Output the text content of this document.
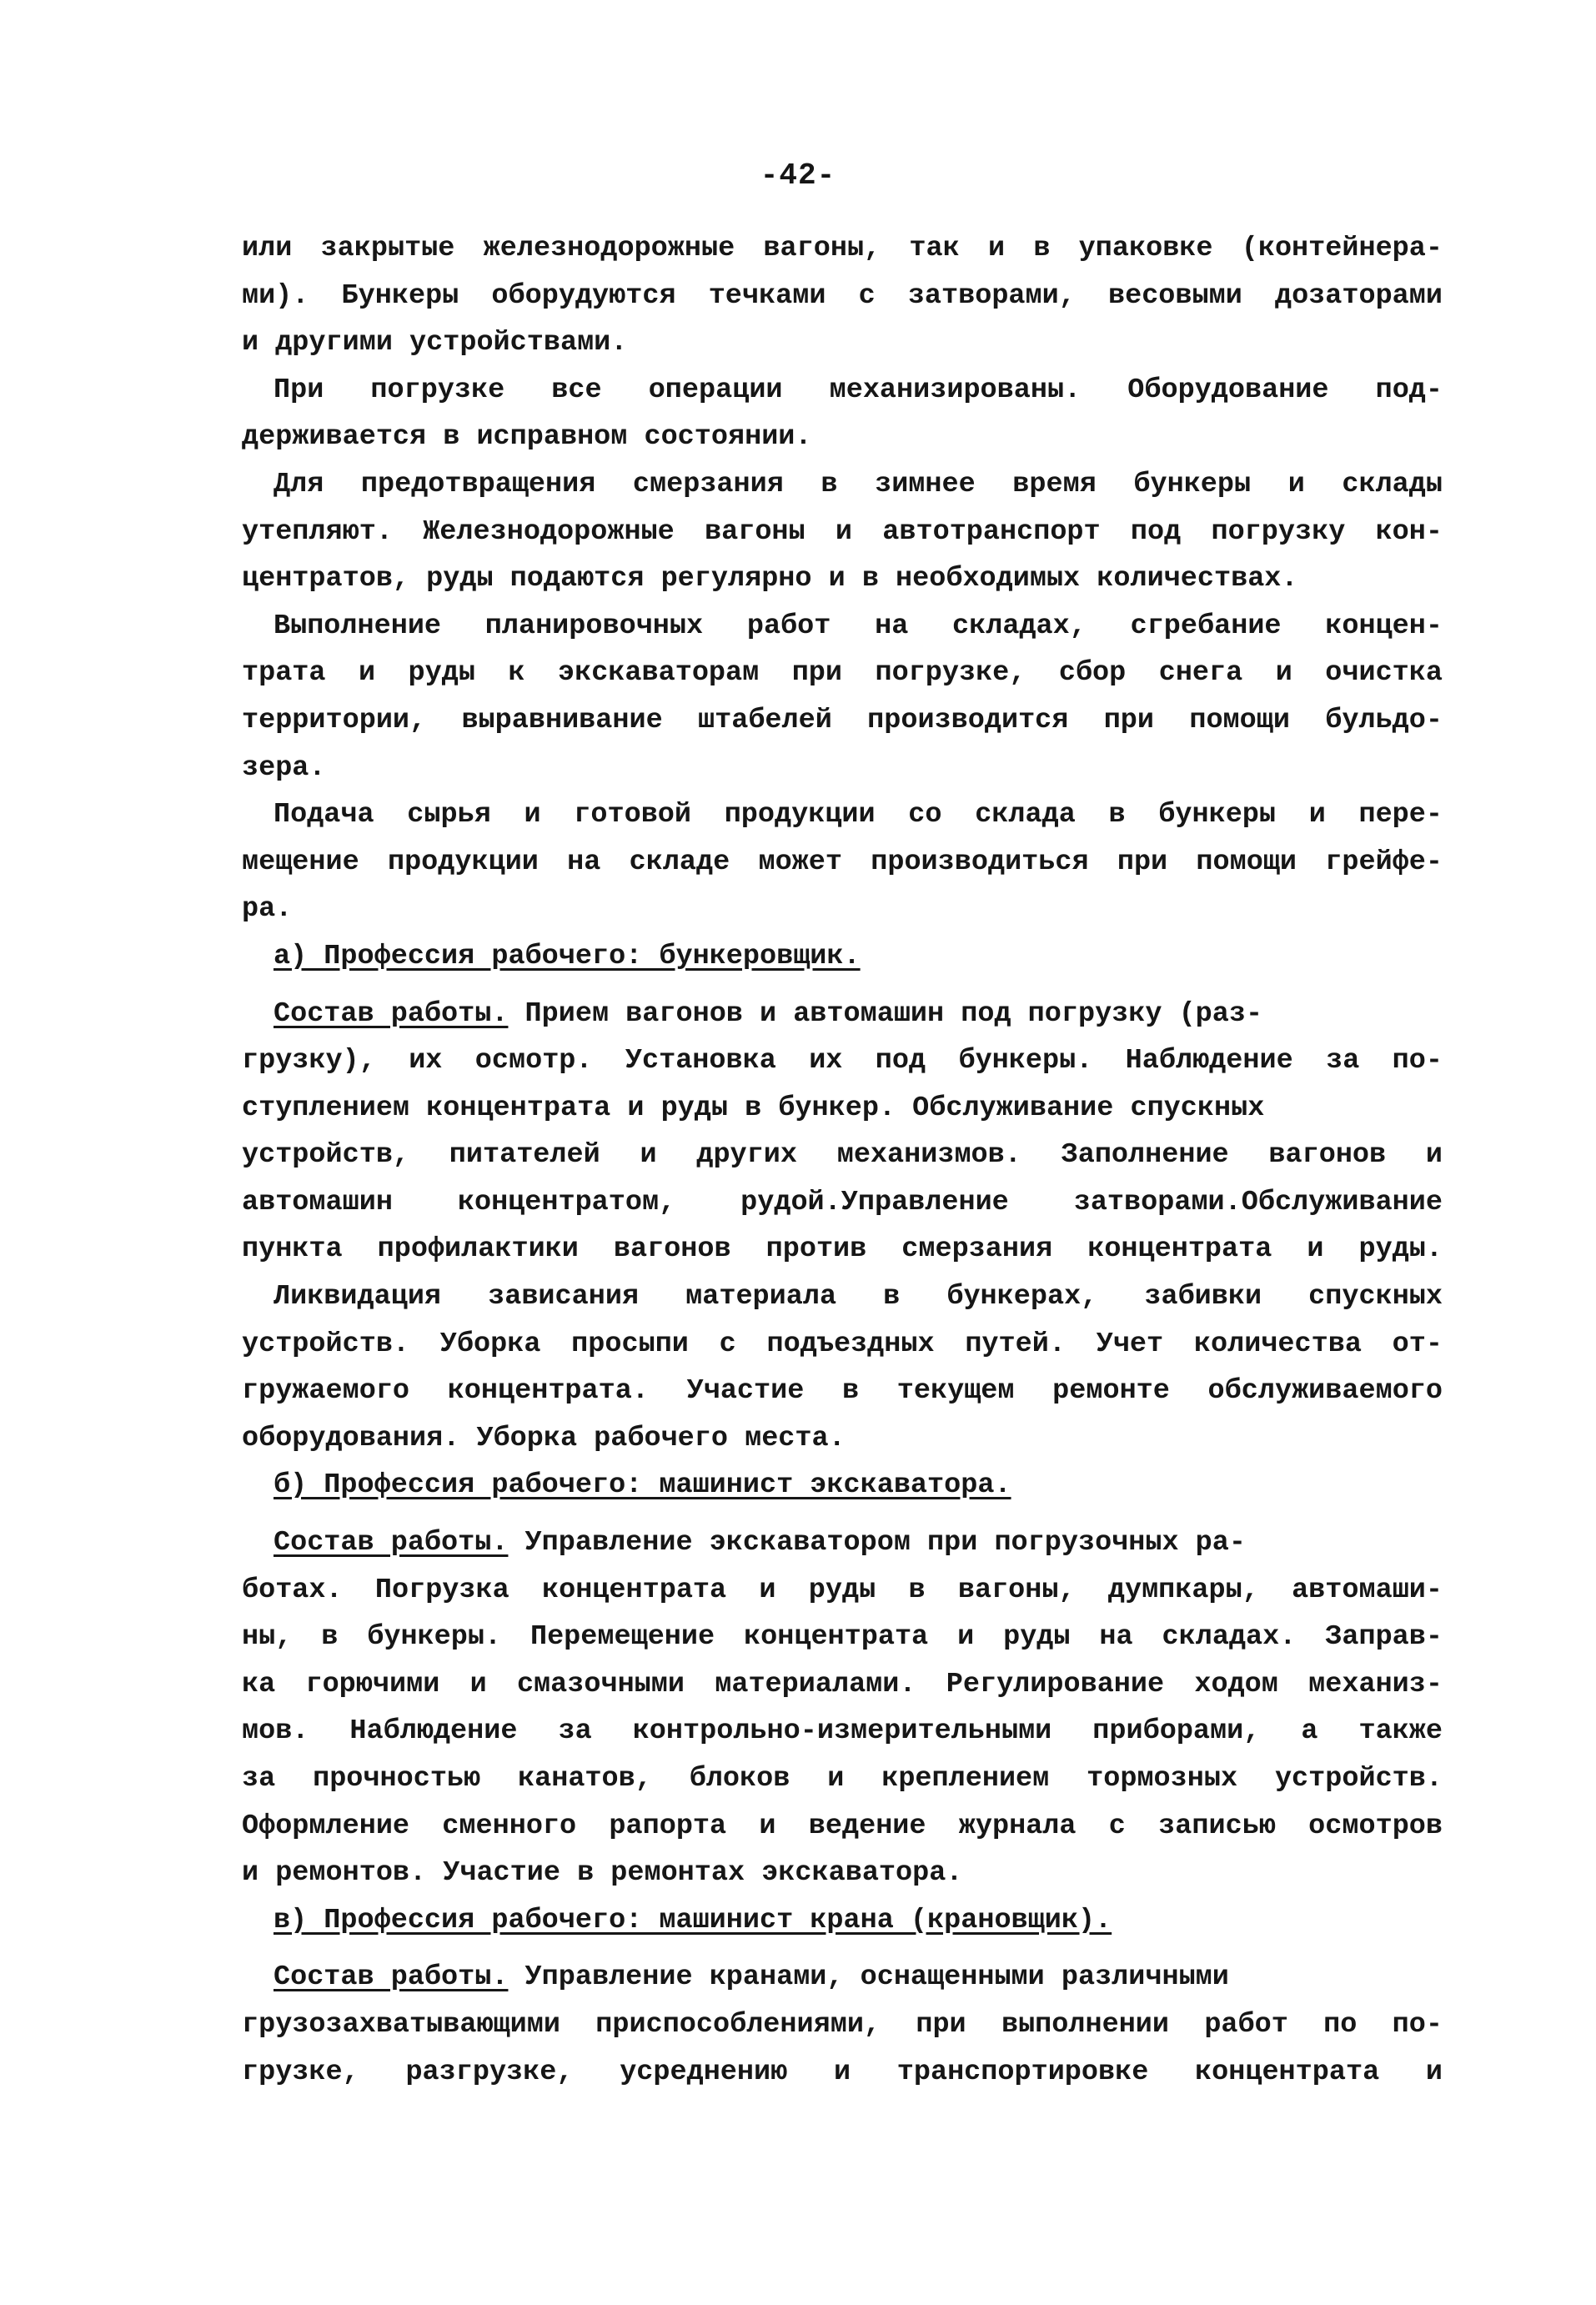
-42-
или закрытые железнодорожные вагоны, так и в упаковке (контейнера-
ми). Бункеры оборудуются течками с затворами, весовыми дозаторами
и другими устройствами.
При погрузке все операции механизированы. Оборудование под-
держивается в исправном состоянии.
Для предотвращения смерзания в зимнее время бункеры и склады
утепляют. Железнодорожные вагоны и автотранспорт под погрузку кон-
центратов, руды подаются регулярно и в необходимых количествах.
Выполнение планировочных работ на складах, сгребание концен-
трата и руды к экскаваторам при погрузке, сбор снега и очистка
территории, выравнивание штабелей производится при помощи бульдо-
зера.
Подача сырья и готовой продукции со склада в бункеры и пере-
мещение продукции на складе может производиться при помощи грейфе-
ра.
а) Профессия рабочего: бункеровщик.
Состав работы. Прием вагонов и автомашин под погрузку (раз-
грузку), их осмотр. Установка их под бункеры. Наблюдение за по-
ступлением концентрата и руды в бункер. Обслуживание спускных
устройств, питателей и других механизмов. Заполнение вагонов и
автомашин концентратом, рудой.Управление затворами.Обслуживание
пункта профилактики вагонов против смерзания концентрата и руды.
Ликвидация зависания материала в бункерах, забивки спускных
устройств. Уборка просыпи с подъездных путей. Учет количества от-
гружаемого концентрата. Участие в текущем ремонте обслуживаемого
оборудования. Уборка рабочего места.
б) Профессия рабочего: машинист экскаватора.
Состав работы. Управление экскаватором при погрузочных ра-
ботах. Погрузка концентрата и руды в вагоны, думпкары, автомаши-
ны, в бункеры. Перемещение концентрата и руды на складах. Заправ-
ка горючими и смазочными материалами. Регулирование ходом механиз-
мов. Наблюдение за контрольно-измерительными приборами, а также
за прочностью канатов, блоков и креплением тормозных устройств.
Оформление сменного рапорта и ведение журнала с записью осмотров
и ремонтов. Участие в ремонтах экскаватора.
в) Профессия рабочего: машинист крана (крановщик).
Состав работы. Управление кранами, оснащенными различными
грузозахватывающими приспособлениями, при выполнении работ по по-
грузке, разгрузке, усреднению и транспортировке концентрата и
